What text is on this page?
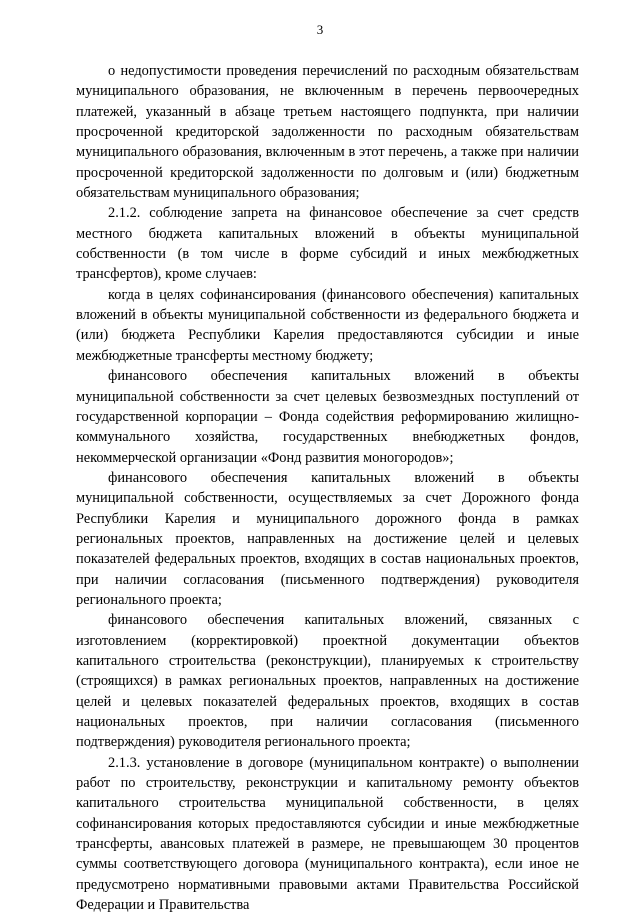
3

о недопустимости проведения перечислений по расходным обязательствам муниципального образования, не включенным в перечень первоочередных платежей, указанный в абзаце третьем настоящего подпункта, при наличии просроченной кредиторской задолженности по расходным обязательствам муниципального образования, включенным в этот перечень, а также при наличии просроченной кредиторской задолженности по долговым и (или) бюджетным обязательствам муниципального образования;

2.1.2. соблюдение запрета на финансовое обеспечение за счет средств местного бюджета капитальных вложений в объекты муниципальной собственности (в том числе в форме субсидий и иных межбюджетных трансфертов), кроме случаев:

когда в целях софинансирования (финансового обеспечения) капитальных вложений в объекты муниципальной собственности из федерального бюджета и (или) бюджета Республики Карелия предоставляются субсидии и иные межбюджетные трансферты местному бюджету;

финансового обеспечения капитальных вложений в объекты муниципальной собственности за счет целевых безвозмездных поступлений от государственной корпорации – Фонда содействия реформированию жилищно-коммунального хозяйства, государственных внебюджетных фондов, некоммерческой организации «Фонд развития моногородов»;

финансового обеспечения капитальных вложений в объекты муниципальной собственности, осуществляемых за счет Дорожного фонда Республики Карелия и муниципального дорожного фонда в рамках региональных проектов, направленных на достижение целей и целевых показателей федеральных проектов, входящих в состав национальных проектов, при наличии согласования (письменного подтверждения) руководителя регионального проекта;

финансового обеспечения капитальных вложений, связанных с изготовлением (корректировкой) проектной документации объектов капитального строительства (реконструкции), планируемых к строительству (строящихся) в рамках региональных проектов, направленных на достижение целей и целевых показателей федеральных проектов, входящих в состав национальных проектов, при наличии согласования (письменного подтверждения) руководителя регионального проекта;

2.1.3. установление в договоре (муниципальном контракте) о выполнении работ по строительству, реконструкции и капитальному ремонту объектов капитального строительства муниципальной собственности, в целях софинансирования которых предоставляются субсидии и иные межбюджетные трансферты, авансовых платежей в размере, не превышающем 30 процентов суммы соответствующего договора (муниципального контракта), если иное не предусмотрено нормативными правовыми актами Правительства Российской Федерации и Правительства
